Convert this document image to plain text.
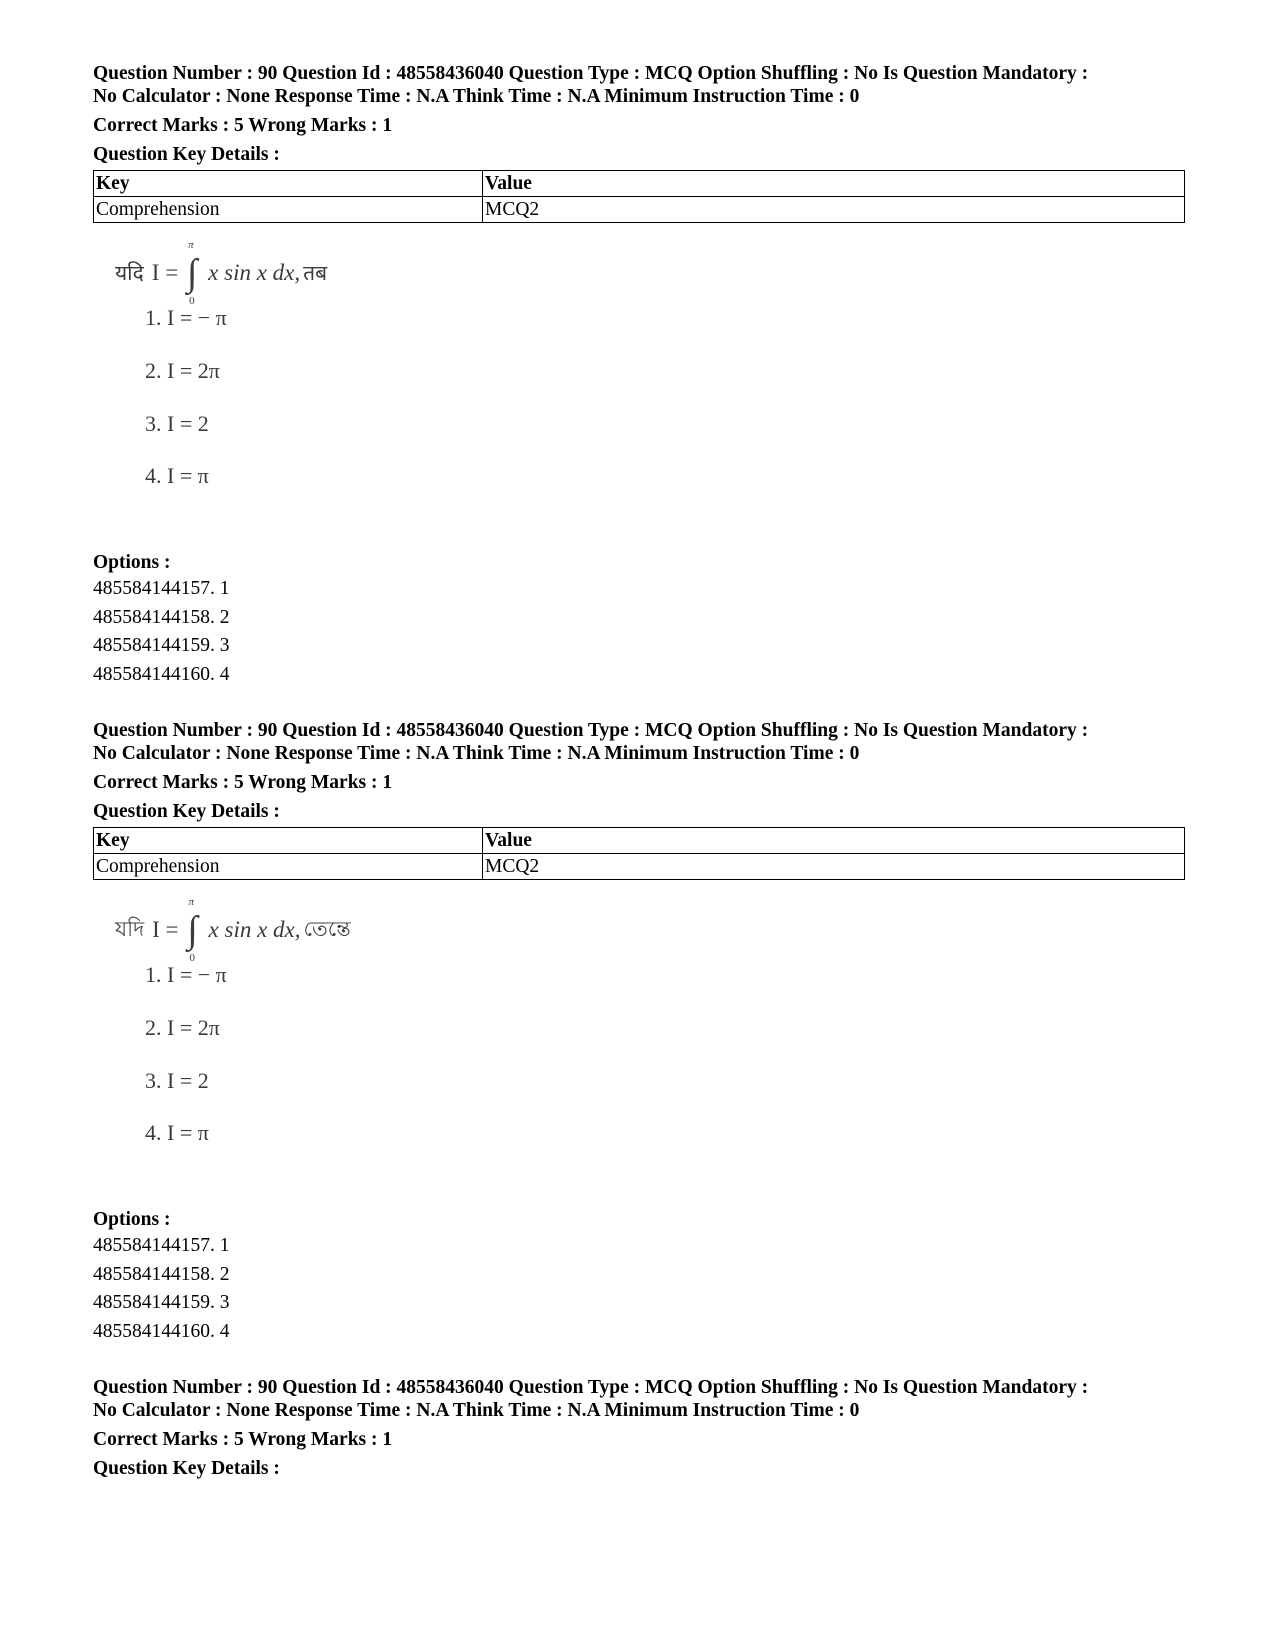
Question Number : 90 Question Id : 48558436040 Question Type : MCQ Option Shuffling : No Is Question Mandatory :
No Calculator : None Response Time : N.A Think Time : N.A Minimum Instruction Time : 0
Correct Marks : 5 Wrong Marks : 1
Question Key Details :
Key	Value
Comprehension	MCQ2
यदि I = ∫
π
0
x sin x dx, तब
1. I = − π
2. I = 2π
3. I = 2
4. I = π
Options :
485584144157. 1
485584144158. 2
485584144159. 3
485584144160. 4
Question Number : 90 Question Id : 48558436040 Question Type : MCQ Option Shuffling : No Is Question Mandatory :
No Calculator : None Response Time : N.A Think Time : N.A Minimum Instruction Time : 0
Correct Marks : 5 Wrong Marks : 1
Question Key Details :
Key	Value
Comprehension	MCQ2
যদি I = ∫
π
0
x sin x dx, তেন্তে
1. I = − π
2. I = 2π
3. I = 2
4. I = π
Options :
485584144157. 1
485584144158. 2
485584144159. 3
485584144160. 4
Question Number : 90 Question Id : 48558436040 Question Type : MCQ Option Shuffling : No Is Question Mandatory :
No Calculator : None Response Time : N.A Think Time : N.A Minimum Instruction Time : 0
Correct Marks : 5 Wrong Marks : 1
Question Key Details :
